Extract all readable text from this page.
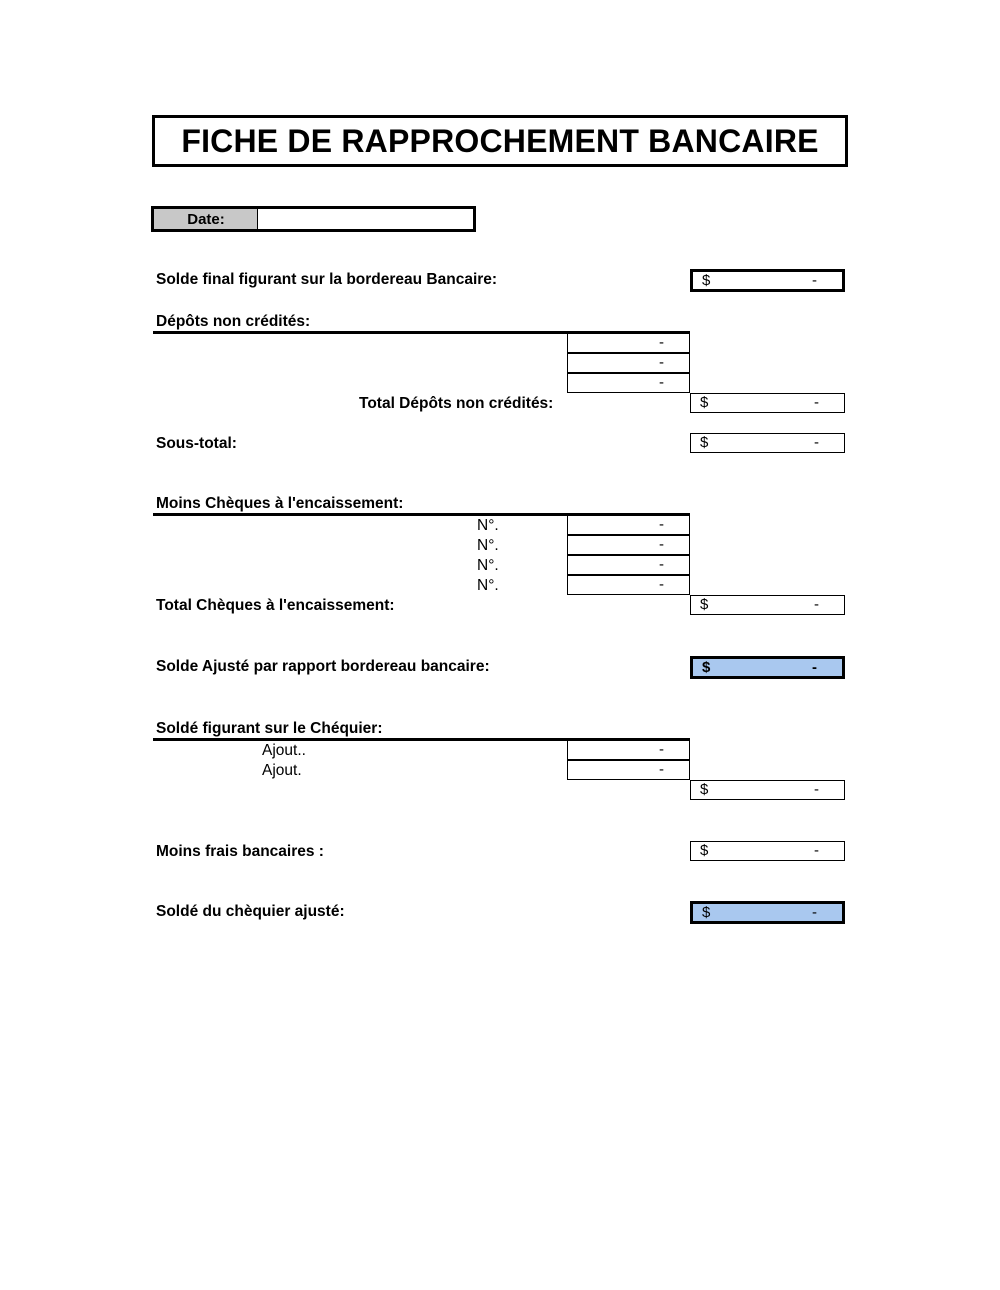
FICHE DE RAPPROCHEMENT BANCAIRE
Date:
Solde final figurant sur la bordereau Bancaire:	$	-
Dépôts non crédités:
-
-
-
Total Dépôts non crédités:	$	-
Sous-total:	$	-
Moins Chèques à l'encaissement:
N°.	-
N°.	-
N°.	-
N°.	-
Total Chèques à l'encaissement:	$	-
Solde Ajusté par rapport bordereau bancaire:	$	-
Soldé figurant sur le Chéquier:
Ajout..	-
Ajout.	-
$	-
Moins frais bancaires :	$	-
Soldé du chèquier ajusté:	$	-
